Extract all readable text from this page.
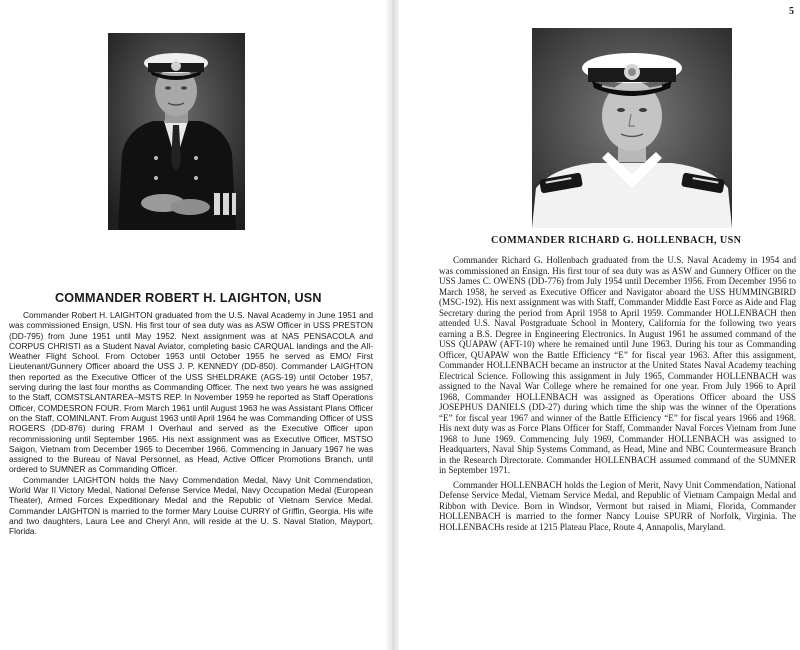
COMMANDER ROBERT H. LAIGHTON, USN

Commander Robert H. LAIGHTON graduated from the U.S. Naval Academy in June 1951 and was commissioned Ensign, USN. His first tour of sea duty was as ASW Officer in USS PRESTON (DD-795) from June 1951 until May 1952. Next assignment was at NAS PENSACOLA and CORPUS CHRISTI as a Student Naval Aviator, completing basic CARQUAL landings and the All-Weather Flight School. From October 1953 until October 1955 he served as EMO/ First Lieutenant/Gunnery Officer aboard the USS J. P. KENNEDY (DD-850). Commander LAIGHTON then reported as the Executive Officer of the USS SHELDRAKE (AGS-19) until October 1957, serving during the last four months as Commanding Officer. The next two years he was assigned to the Staff, COMSTSLANTAREA–MSTS REP. In November 1959 he reported as Staff Operations Officer, COMDESRON FOUR. From March 1961 until August 1963 he was Assistant Plans Officer on the Staff, COMINLANT. From August 1963 until April 1964 he was Commanding Officer of USS ROGERS (DD-876) during FRAM I Overhaul and served as the Executive Officer upon recommissioning until September 1965. His next assignment was as Executive Officer, MSTSO Saigon, Vietnam from December 1965 to December 1966. Commencing in January 1967 he was assigned to the Bureau of Naval Personnel, as Head, Active Officer Promotions Branch, until ordered to SUMNER as Commanding Officer.

Commander LAIGHTON holds the Navy Commendation Medal, Navy Unit Commendation, World War II Victory Medal, National Defense Service Medal, Navy Occupation Medal (European Theater), Armed Forces Expeditionary Medal and the Republic of Vietnam Service Medal. Commander LAIGHTON is married to the former Mary Louise CURRY of Griffin, Georgia. His wife and two daughters, Laura Lee and Cheryl Ann, will reside at the U. S. Naval Station, Mayport, Florida.

5

COMMANDER RICHARD G. HOLLENBACH, USN

Commander Richard G. Hollenbach graduated from the U.S. Naval Academy in 1954 and was commissioned an Ensign. His first tour of sea duty was as ASW and Gunnery Officer on the USS James C. OWENS (DD-776) from July 1954 until December 1956. From December 1956 to March 1958, he served as Executive Officer and Navigator aboard the USS HUMMINGBIRD (MSC-192). His next assignment was with Staff, Commander Middle East Force as Aide and Flag Secretary during the period from April 1958 to April 1959. Commander HOLLENBACH then attended U.S. Naval Postgraduate School in Montery, California for the following two years earning a B.S. Degree in Engineering Electronics. In August 1961 he assumed command of the USS QUAPAW (AFT-10) where he remained until June 1963. During his tour as Commanding Officer, QUAPAW won the Battle Efficiency “E” for fiscal year 1963. After this assignment, Commander HOLLENBACH became an instructor at the United States Naval Academy teaching Electrical Science. Following this assignment in July 1965, Commander HOLLENBACH was assigned to the Naval War College where he remained for one year. From July 1966 to April 1968, Commander HOLLENBACH was assigned as Operations Officer aboard the USS JOSEPHUS DANIELS (DD-27) during which time the ship was the winner of the Operations “E” for fiscal year 1967 and winner of the Battle Efficiency “E” for fiscal years 1966 and 1968. His next duty was as Force Plans Officer for Staff, Commander Naval Forces Vietnam from June 1968 to June 1969. Commencing July 1969, Commander HOLLENBACH was assigned to Headquarters, Naval Ship Systems Command, as Head, Mine and NBC Countermeasure Branch in the Research Directorate. Commander HOLLENBACH assumed command of the SUMNER in September 1971.

Commander HOLLENBACH holds the Legion of Merit, Navy Unit Commendation, National Defense Service Medal, Vietnam Service Medal, and Republic of Vietnam Campaign Medal and Ribbon with Device. Born in Windsor, Vermont but raised in Miami, Florida, Commander HOLLENBACH is married to the former Nancy Louise SPURR of Norfolk, Virginia. The HOLLENBACHs reside at 1215 Plateau Place, Route 4, Annapolis, Maryland.
